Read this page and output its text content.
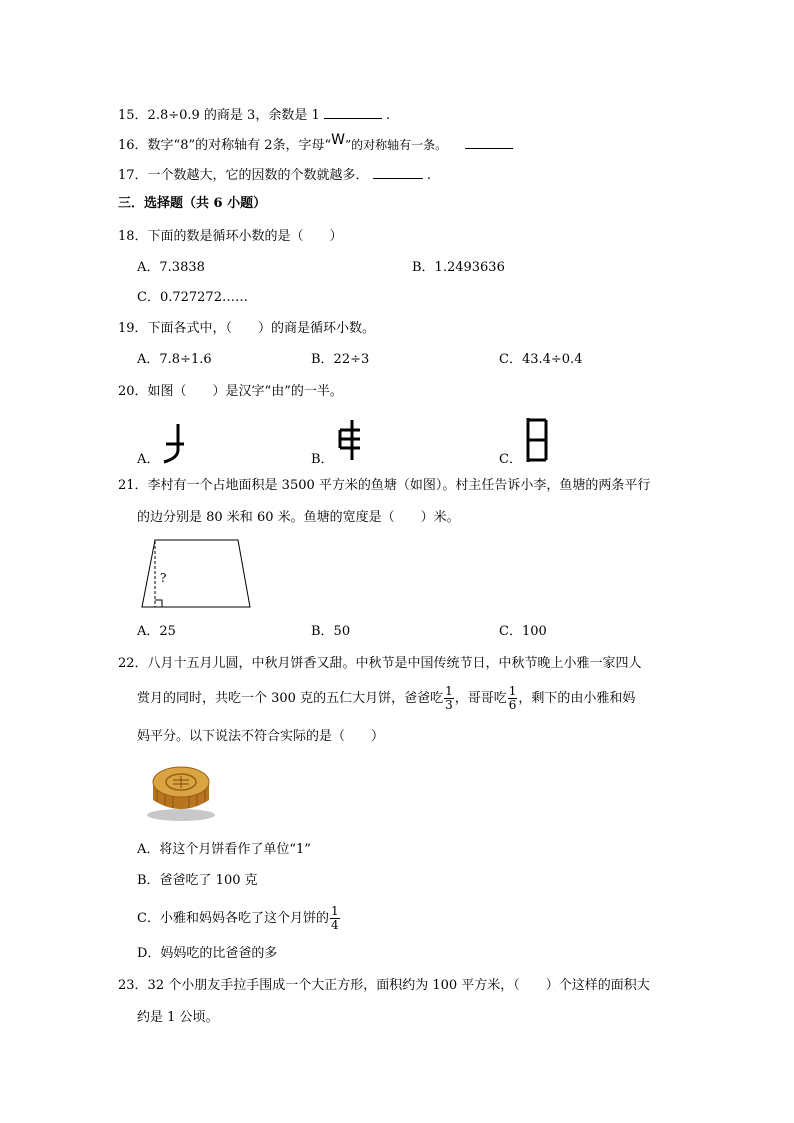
15．2.8÷0.9 的商是 3，余数是 1	.
16．数字“8”的对称轴有 2条，字母“W”的对称轴有一条。
17．一个数越大，它的因数的个数就越多．	.
三．选择题（共 6 小题）
18．下面的数是循环小数的是（　　）
A．7.3838	B．1.2493636
C．0.727272……
19．下面各式中，（　　）的商是循环小数。
A．7.8÷1.6	B．22÷3	C．43.4÷0.4
20．如图（　　）是汉字“由”的一半。
A．	B．	C．
21．李村有一个占地面积是 3500 平方米的鱼塘（如图）。村主任告诉小李，鱼塘的两条平行
的边分别是 80 米和 60 米。鱼塘的宽度是（　　）米。
?
A．25	B．50	C．100
22．八月十五月儿圆，中秋月饼香又甜。中秋节是中国传统节日，中秋节晚上小雅一家四人
赏月的同时，共吃一个 300 克的五仁大月饼，爸爸吃 $\frac{1}{3}$ ，哥哥吃 $\frac{1}{6}$ ，剩下的由小雅和妈
妈平分。以下说法不符合实际的是（　　）
A．将这个月饼看作了单位“1”
B．爸爸吃了 100 克
C．小雅和妈妈各吃了这个月饼的 $\frac{1}{4}$
D．妈妈吃的比爸爸的多
23．32 个小朋友手拉手围成一个大正方形，面积约为 100 平方米，（　　）个这样的面积大
约是 1 公顷。
